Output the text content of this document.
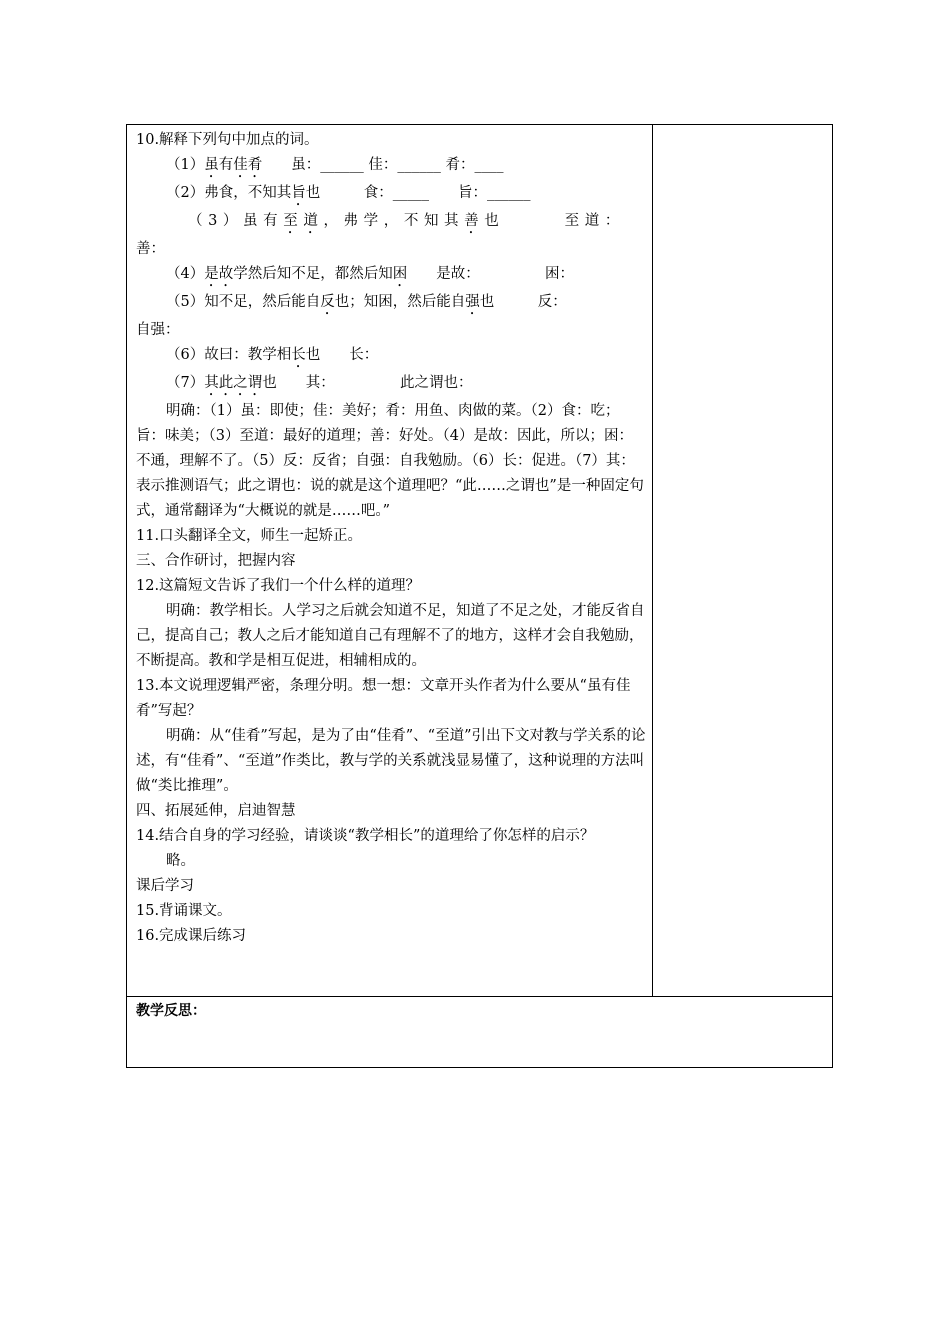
10.解释下列句中加点的词。
（1）虽有佳肴　　虽：______ 佳：______ 肴：____
（2）弗食，不知其旨也　　　食：_____　　旨：______
（3）虽有至道，弗学，不知其善也　　　至道：
善：
（4）是故学然后知不足，都然后知困　　是故：　　　　　困：
（5）知不足，然后能自反也；知困，然后能自强也　　　反：
自强：
（6）故曰：教学相长也　　长：
（7）其此之谓也　　其：　　　　　此之谓也：
明确：（1）虽：即使；佳：美好；肴：用鱼、肉做的菜。（2）食：吃；旨：味美；（3）至道：最好的道理；善：好处。（4）是故：因此，所以；困：不通，理解不了。（5）反：反省；自强：自我勉励。（6）长：促进。（7）其：表示推测语气；此之谓也：说的就是这个道理吧？“此……之谓也”是一种固定句式，通常翻译为“大概说的就是……吧。”
11.口头翻译全文，师生一起矫正。
三、合作研讨，把握内容
12.这篇短文告诉了我们一个什么样的道理？
明确：教学相长。人学习之后就会知道不足，知道了不足之处，才能反省自己，提高自己；教人之后才能知道自己有理解不了的地方，这样才会自我勉励，不断提高。教和学是相互促进，相辅相成的。
13.本文说理逻辑严密，条理分明。想一想：文章开头作者为什么要从“虽有佳肴”写起？
明确：从“佳肴”写起，是为了由“佳肴”、“至道”引出下文对教与学关系的论述，有“佳肴”、“至道”作类比，教与学的关系就浅显易懂了，这种说理的方法叫做“类比推理”。
四、拓展延伸，启迪智慧
14.结合自身的学习经验，请谈谈“教学相长”的道理给了你怎样的启示？
略。
课后学习
15.背诵课文。
16.完成课后练习
教学反思：
